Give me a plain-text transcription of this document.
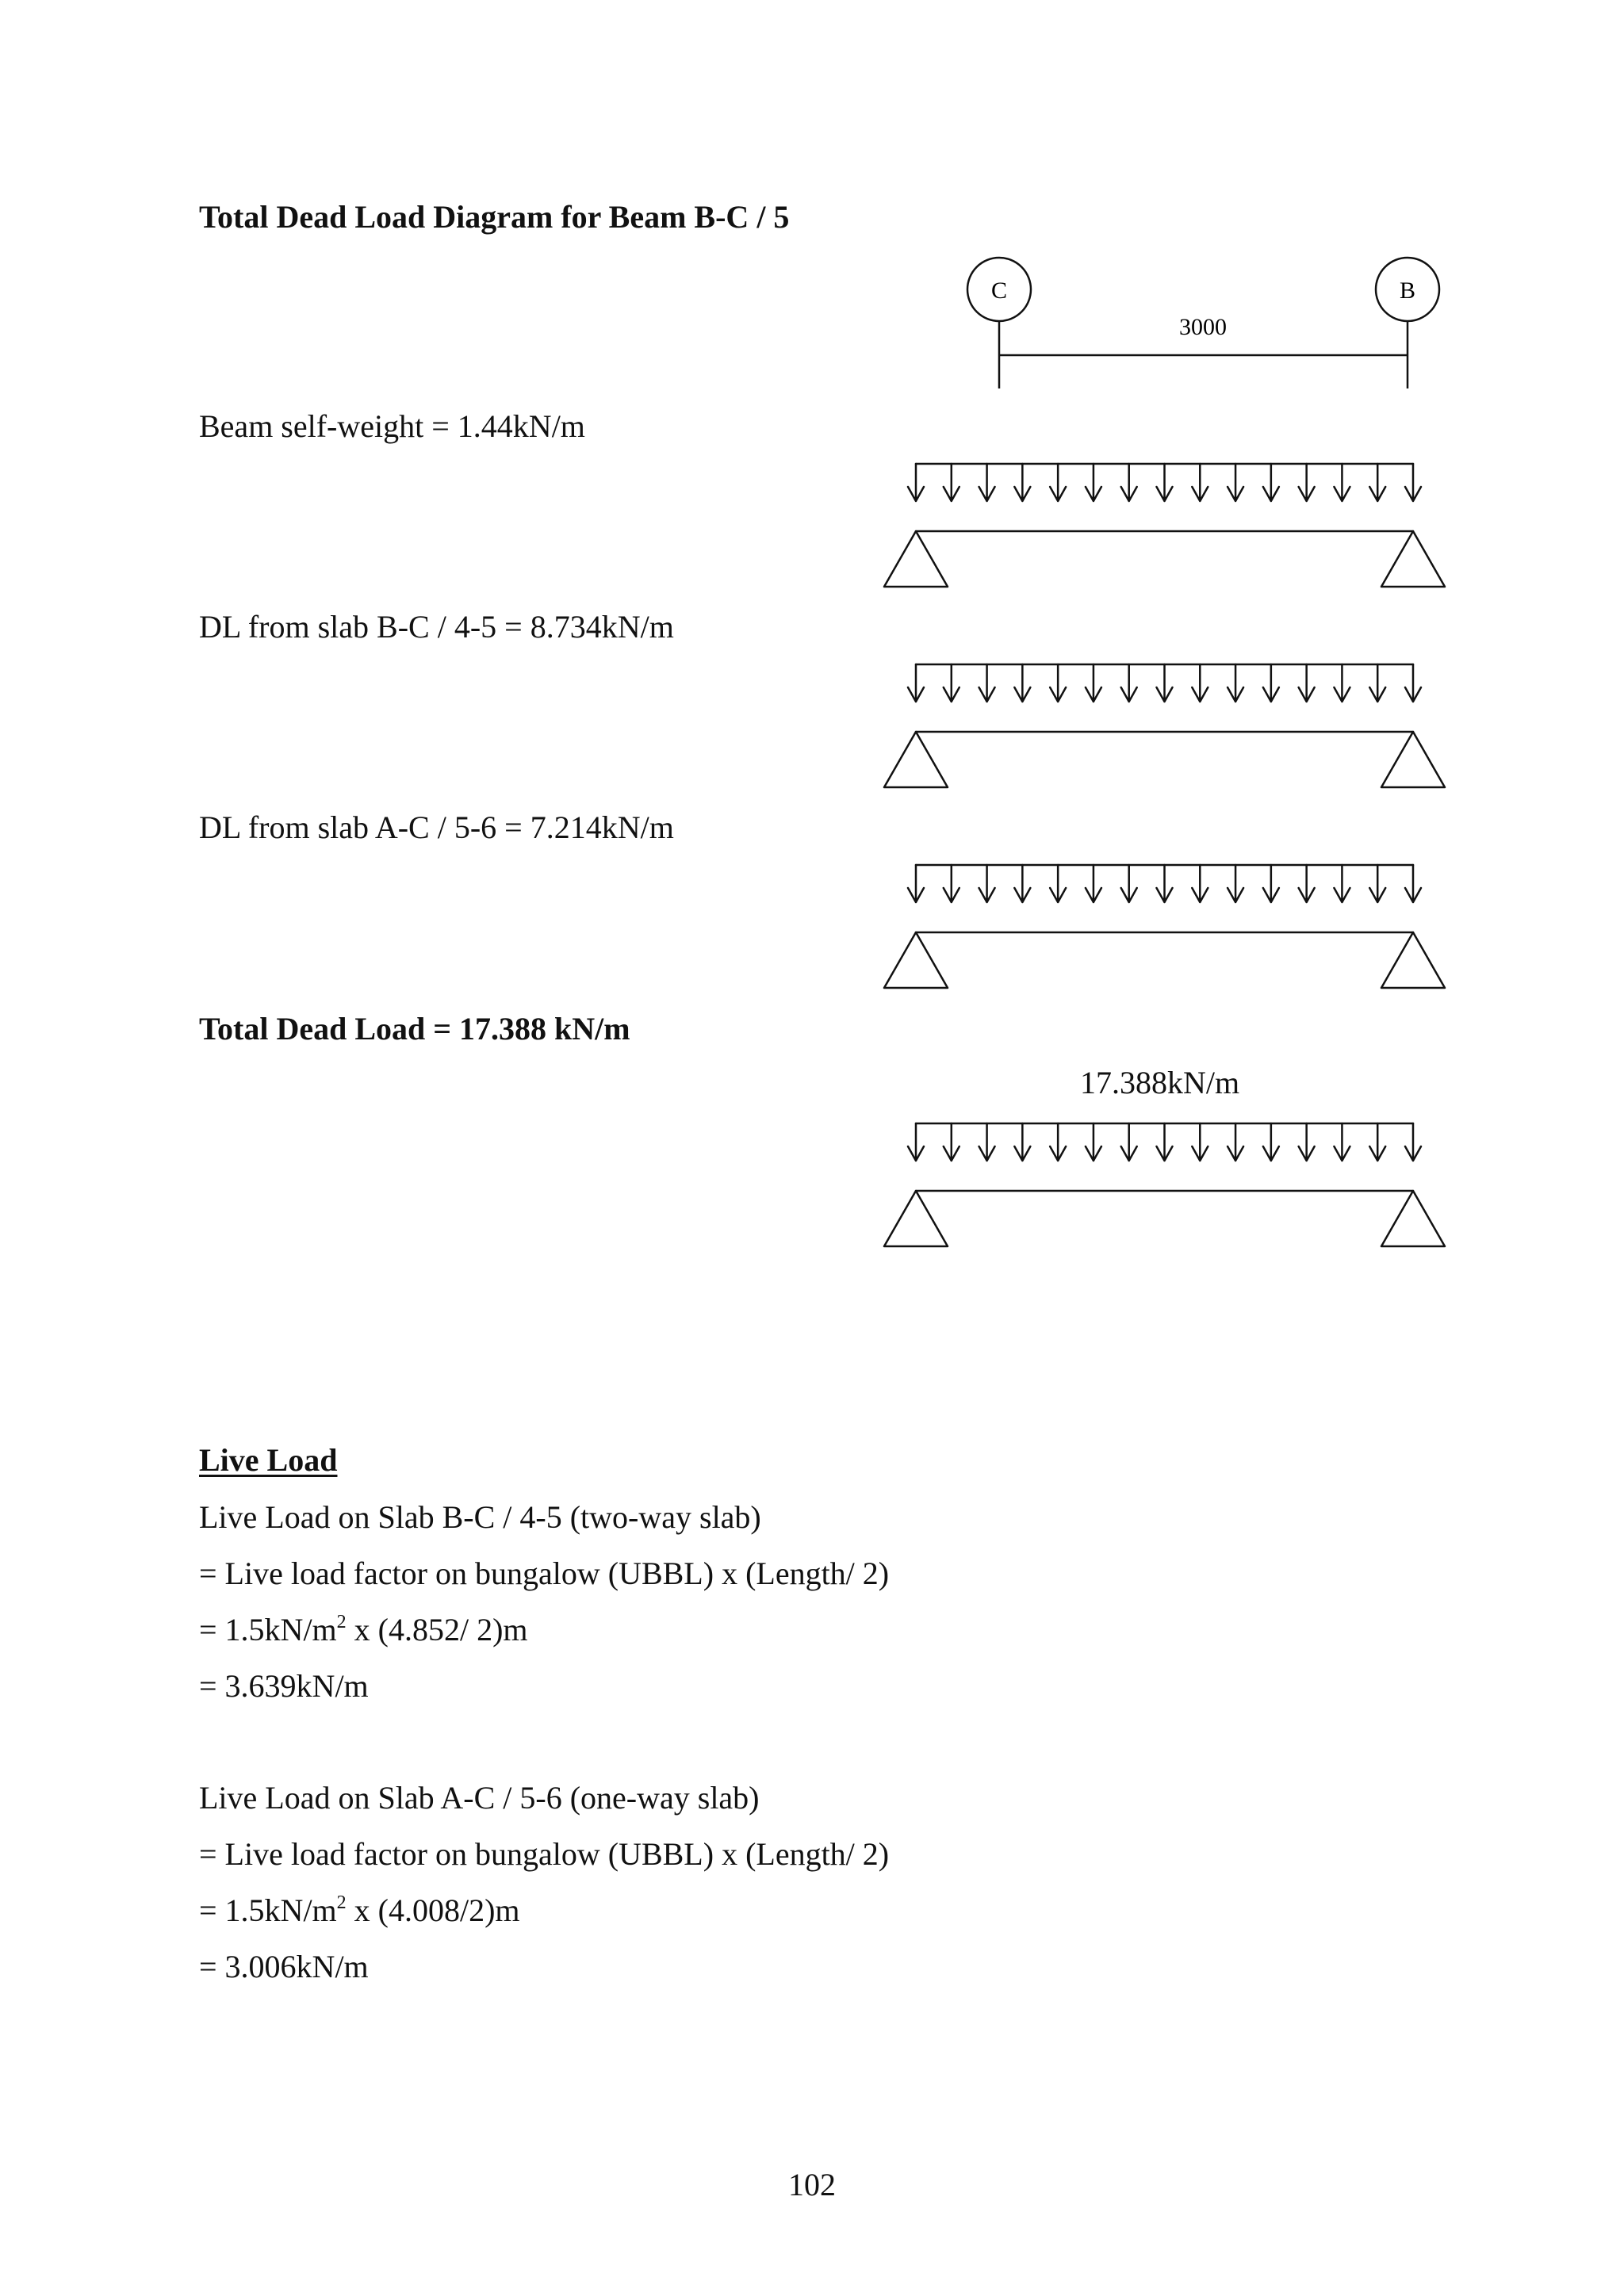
Total Dead Load Diagram for Beam B-C / 5

C	B
3000

Beam self-weight = 1.44kN/m

DL from slab B-C / 4-5 = 8.734kN/m

DL from slab A-C / 5-6 = 7.214kN/m

Total Dead Load = 17.388 kN/m

17.388kN/m

Live Load

Live Load on Slab B-C / 4-5 (two-way slab)

= Live load factor on bungalow (UBBL) x (Length/ 2)

= $1.5kN/m^2$ x (4.852/ 2)m

= 3.639kN/m

Live Load on Slab A-C / 5-6 (one-way slab)

= Live load factor on bungalow (UBBL) x (Length/ 2)

= $1.5kN/m^2$ x (4.008/2)m

= 3.006kN/m

102
